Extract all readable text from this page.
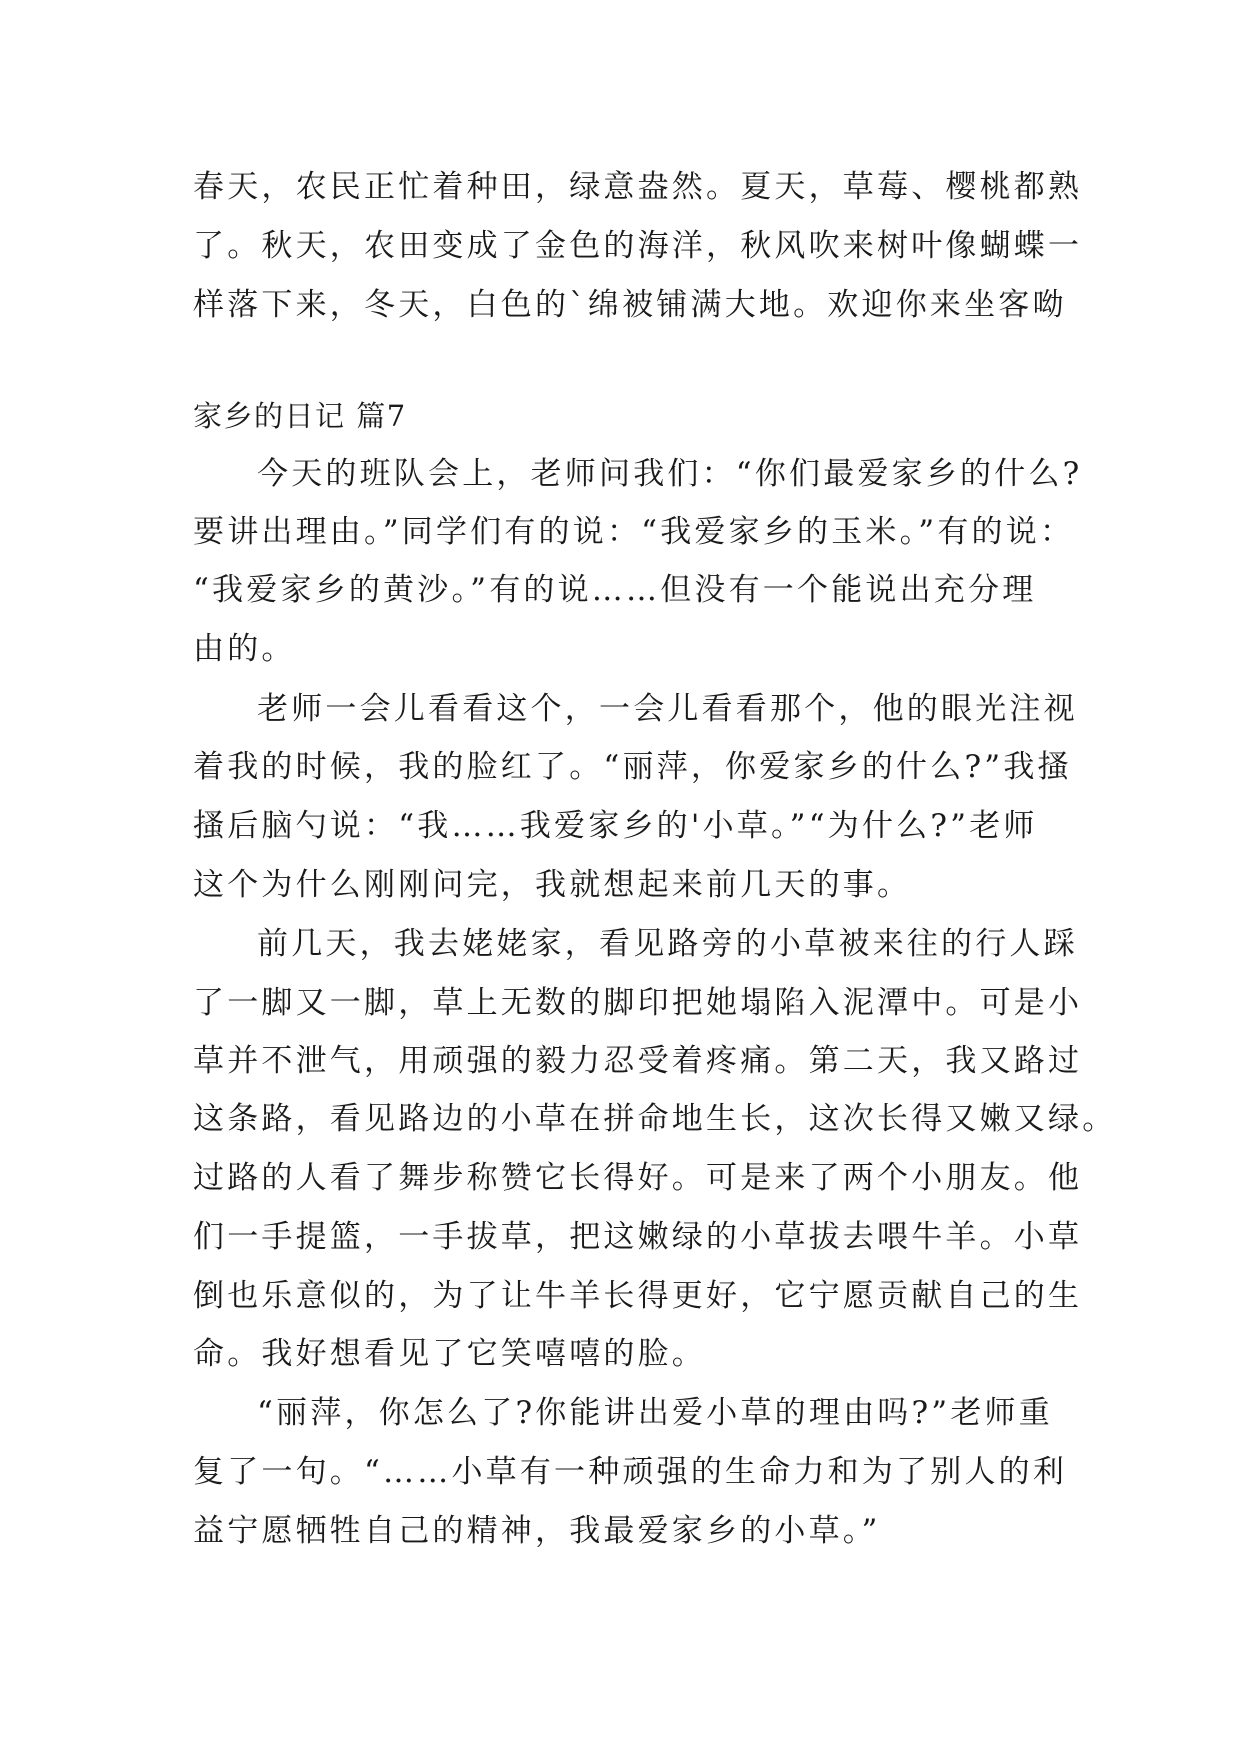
春天，农民正忙着种田，绿意盎然。夏天，草莓、樱桃都熟

了。秋天，农田变成了金色的海洋，秋风吹来树叶像蝴蝶一

样落下来，冬天，白色的`绵被铺满大地。欢迎你来坐客呦

家乡的日记 篇7

今天的班队会上，老师问我们：“你们最爱家乡的什么?

要讲出理由。”同学们有的说：“我爱家乡的玉米。”有的说：

“我爱家乡的黄沙。”有的说……但没有一个能说出充分理

由的。

老师一会儿看看这个，一会儿看看那个，他的眼光注视

着我的时候，我的脸红了。“丽萍，你爱家乡的什么?”我搔

搔后脑勺说：“我……我爱家乡的'小草。”“为什么?”老师

这个为什么刚刚问完，我就想起来前几天的事。

前几天，我去姥姥家，看见路旁的小草被来往的行人踩

了一脚又一脚，草上无数的脚印把她塌陷入泥潭中。可是小

草并不泄气，用顽强的毅力忍受着疼痛。第二天，我又路过

这条路，看见路边的小草在拼命地生长，这次长得又嫩又绿。

过路的人看了舞步称赞它长得好。可是来了两个小朋友。他

们一手提篮，一手拔草，把这嫩绿的小草拔去喂牛羊。小草

倒也乐意似的，为了让牛羊长得更好，它宁愿贡献自己的生

命。我好想看见了它笑嘻嘻的脸。

“丽萍，你怎么了?你能讲出爱小草的理由吗?”老师重

复了一句。“……小草有一种顽强的生命力和为了别人的利

益宁愿牺牲自己的精神，我最爱家乡的小草。”
